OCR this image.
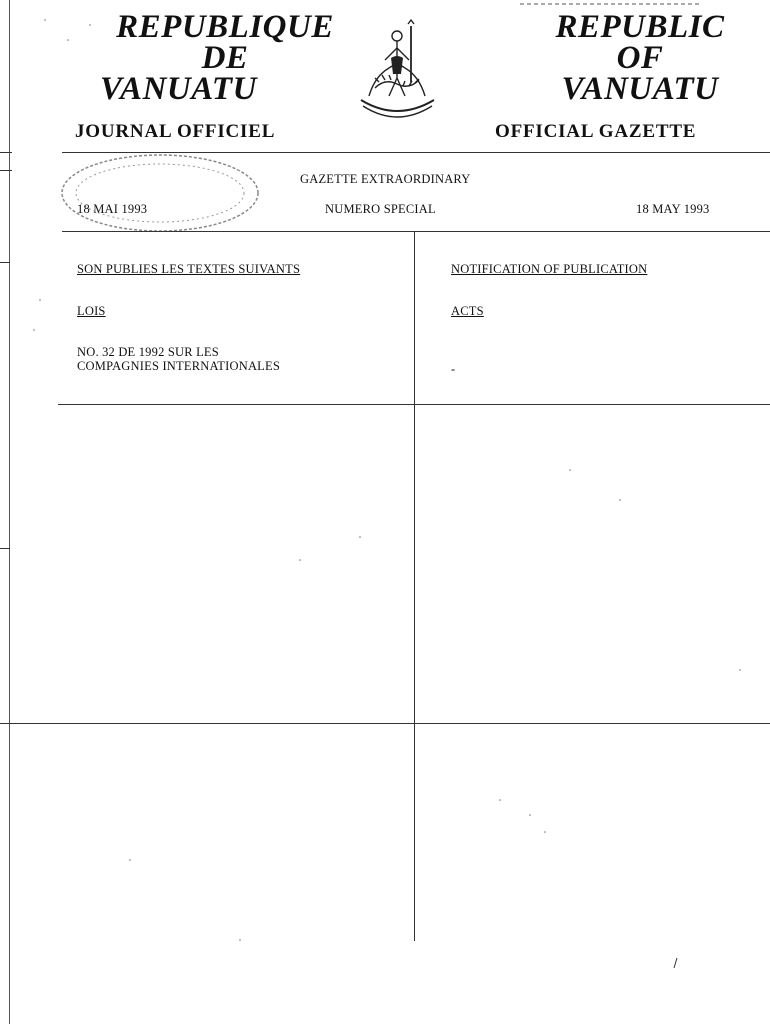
REPUBLIQUE
DE
VANUATU
REPUBLIC
OF
VANUATU
JOURNAL OFFICIEL	OFFICIAL GAZETTE
GAZETTE EXTRAORDINARY
18 MAI 1993	NUMERO SPECIAL	18 MAY 1993
SON PUBLIES LES TEXTES SUIVANTS
LOIS
NO. 32 DE 1992 SUR LES
COMPAGNIES INTERNATIONALES
NOTIFICATION OF PUBLICATION
ACTS
-
